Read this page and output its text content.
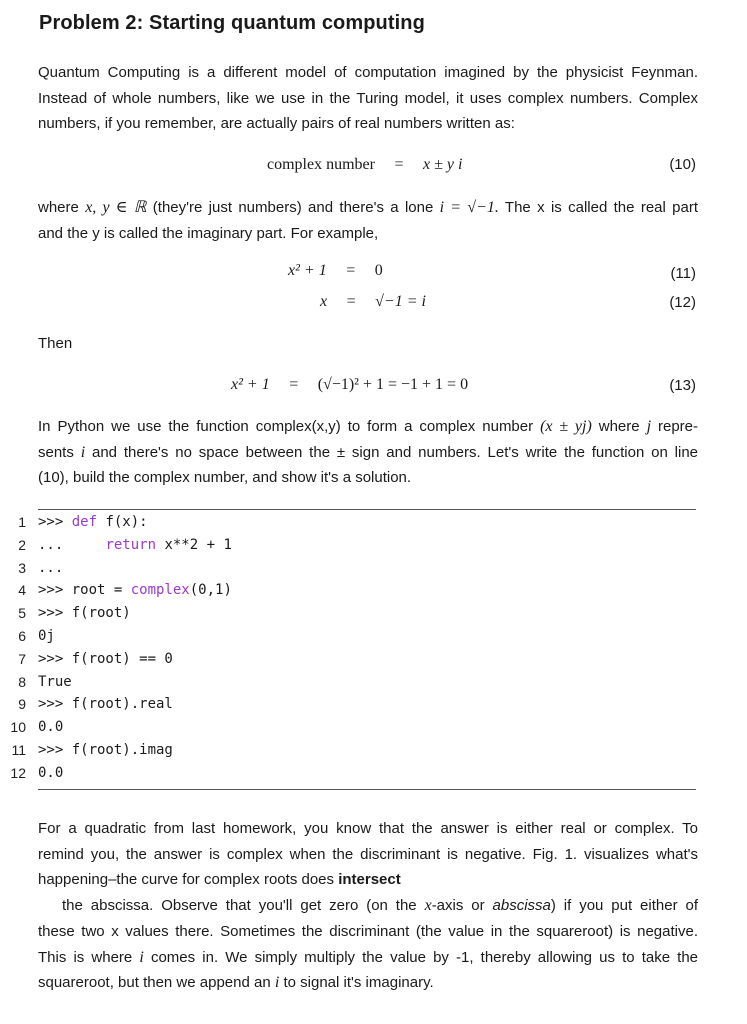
Problem 2: Starting quantum computing
Quantum Computing is a different model of computation imagined by the physicist Feynman.
Instead of whole numbers, like we use in the Turing model, it uses complex numbers. Complex
numbers, if you remember, are actually pairs of real numbers written as:
complex number = x ± y i	(10)
where x, y ∈ ℝ (they're just numbers) and there's a lone i = √−1. The x is called the real part
and the y is called the imaginary part. For example,
x² + 1 = 0	(11)
x = √−1 = i	(12)
Then
x² + 1 = (√−1)² + 1 = −1 + 1 = 0	(13)
In Python we use the function complex(x,y) to form a complex number (x ± yj) where j repre-
sents i and there's no space between the ± sign and numbers. Let's write the function on line
(10), build the complex number, and show it's a solution.
1 >>> def f(x):
2 ...     return x**2 + 1
3 ...
4 >>> root = complex(0,1)
5 >>> f(root)
6 0j
7 >>> f(root) == 0
8 True
9 >>> f(root).real
10 0.0
11 >>> f(root).imag
12 0.0
For a quadratic from last homework, you know that the answer is either real or complex. To
remind you, the answer is complex when the discriminant is negative. Fig. 1. visualizes what's
happening–the curve for complex roots does intersect
the abscissa. Observe that you'll get zero (on the x-axis or abscissa) if you put either of
these two x values there. Sometimes the discriminant (the value in the squareroot) is negative.
This is where i comes in. We simply multiply the value by -1, thereby allowing us to take the
squareroot, but then we append an i to signal it's imaginary.
